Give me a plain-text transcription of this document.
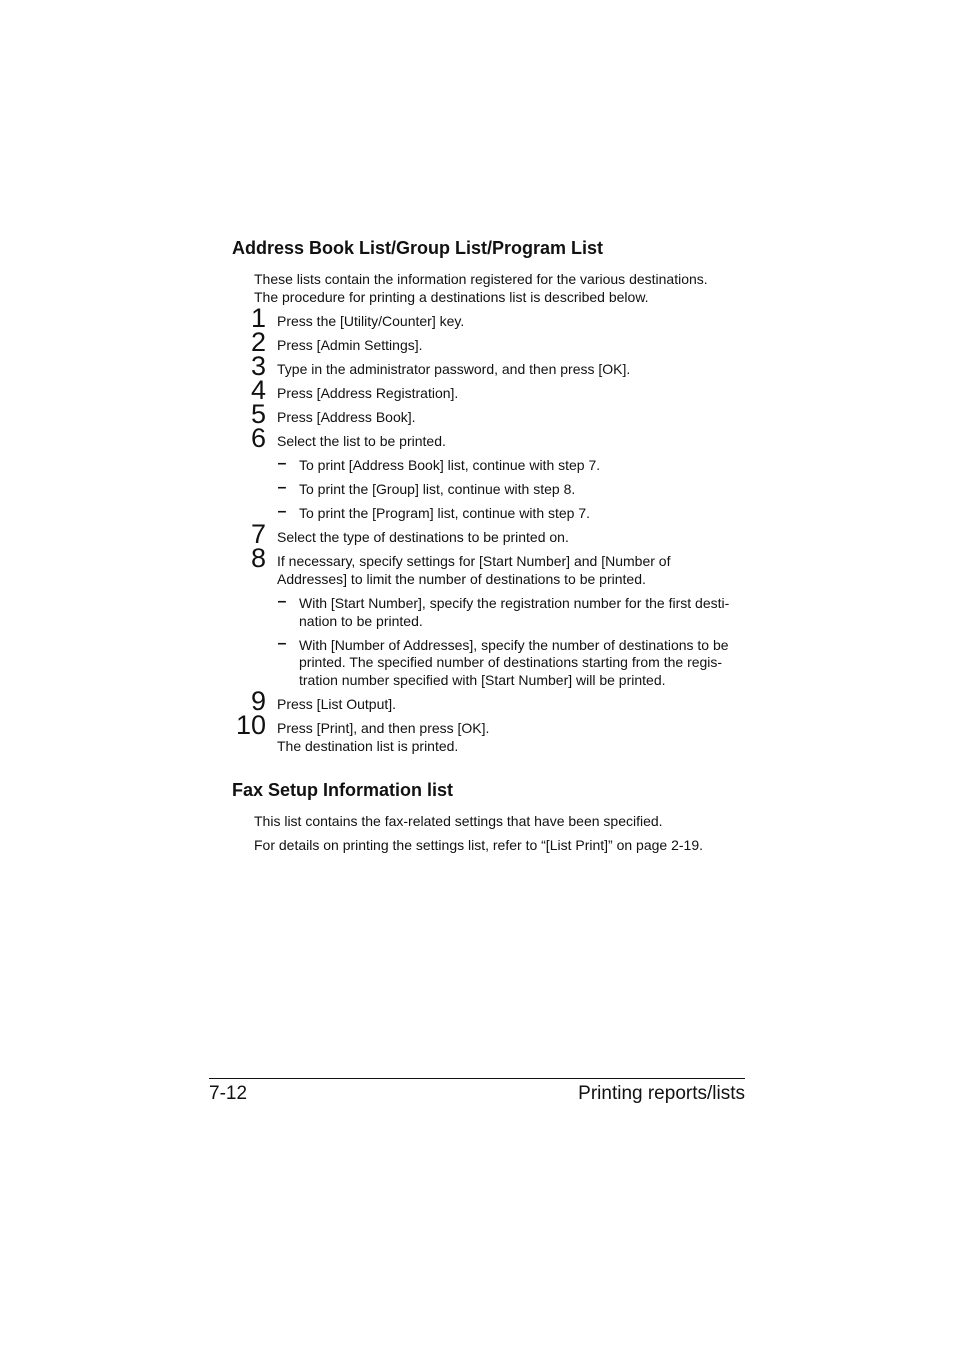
Address Book List/Group List/Program List

These lists contain the information registered for the various destinations.

The procedure for printing a destinations list is described below.

1 Press the [Utility/Counter] key.

2 Press [Admin Settings].

3 Type in the administrator password, and then press [OK].

4 Press [Address Registration].

5 Press [Address Book].

6 Select the list to be printed.

– To print [Address Book] list, continue with step 7.

– To print the [Group] list, continue with step 8.

– To print the [Program] list, continue with step 7.

7 Select the type of destinations to be printed on.

8 If necessary, specify settings for [Start Number] and [Number of

Addresses] to limit the number of destinations to be printed.

– With [Start Number], specify the registration number for the first desti-

nation to be printed.

– With [Number of Addresses], specify the number of destinations to be

printed. The specified number of destinations starting from the regis-

tration number specified with [Start Number] will be printed.

9 Press [List Output].

10 Press [Print], and then press [OK].

The destination list is printed.

Fax Setup Information list

This list contains the fax-related settings that have been specified.

For details on printing the settings list, refer to “[List Print]” on page 2-19.

7-12	Printing reports/lists
